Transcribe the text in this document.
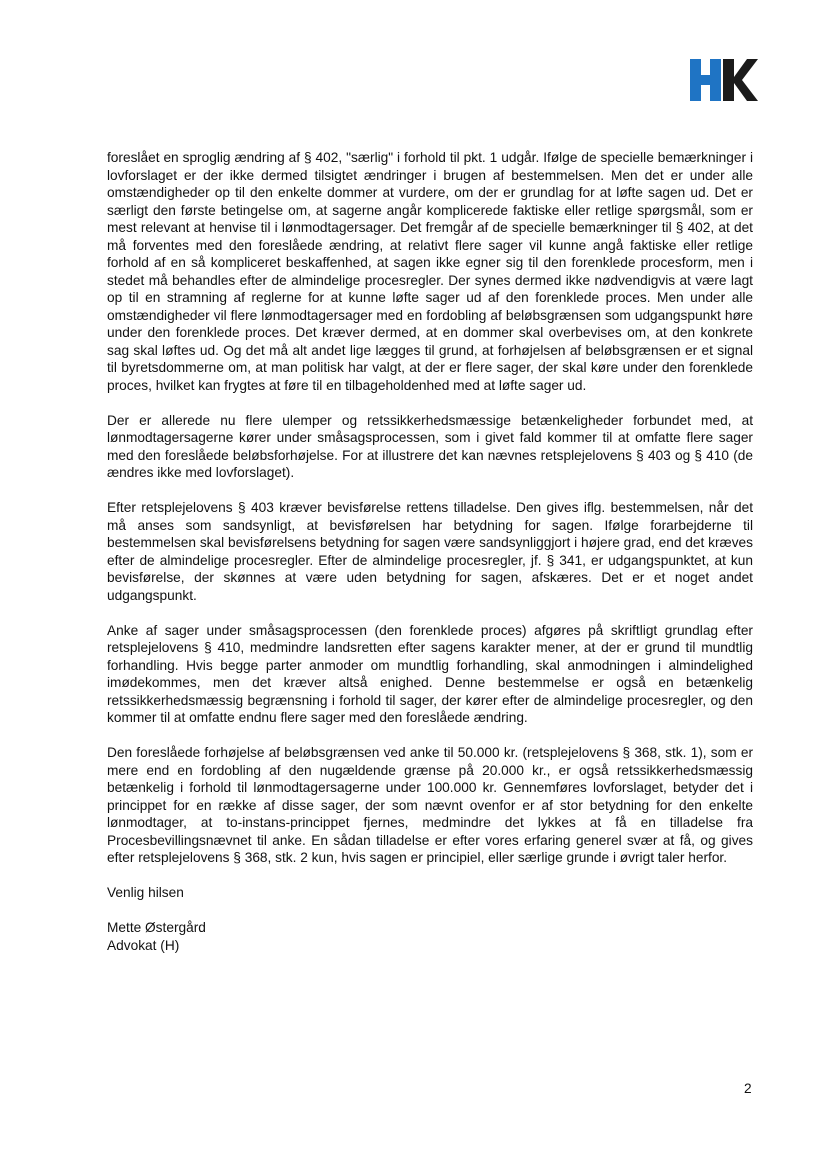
foreslået en sproglig ændring af § 402, "særlig" i forhold til pkt. 1 udgår. Ifølge de specielle bemærkninger i lovforslaget er der ikke dermed tilsigtet ændringer i brugen af bestemmelsen. Men det er under alle omstændigheder op til den enkelte dommer at vurdere, om der er grundlag for at løfte sagen ud. Det er særligt den første betingelse om, at sagerne angår komplicerede faktiske eller retlige spørgsmål, som er mest relevant at henvise til i lønmodtagersager. Det fremgår af de specielle bemærkninger til § 402, at det må forventes med den foreslåede ændring, at relativt flere sager vil kunne angå faktiske eller retlige forhold af en så kompliceret beskaffenhed, at sagen ikke egner sig til den forenklede procesform, men i stedet må behandles efter de almindelige procesregler. Der synes dermed ikke nødvendigvis at være lagt op til en stramning af reglerne for at kunne løfte sager ud af den forenklede proces. Men under alle omstændigheder vil flere lønmodtagersager med en fordobling af beløbsgrænsen som udgangspunkt høre under den forenklede proces. Det kræver dermed, at en dommer skal overbevises om, at den konkrete sag skal løftes ud. Og det må alt andet lige lægges til grund, at forhøjelsen af beløbsgrænsen er et signal til byretsdommerne om, at man politisk har valgt, at der er flere sager, der skal køre under den forenklede proces, hvilket kan frygtes at føre til en tilbageholdenhed med at løfte sager ud.

Der er allerede nu flere ulemper og retssikkerhedsmæssige betænkeligheder forbundet med, at lønmodtagersagerne kører under småsagsprocessen, som i givet fald kommer til at omfatte flere sager med den foreslåede beløbsforhøjelse. For at illustrere det kan nævnes retsplejelovens § 403 og § 410 (de ændres ikke med lovforslaget).

Efter retsplejelovens § 403 kræver bevisførelse rettens tilladelse. Den gives iflg. bestemmelsen, når det må anses som sandsynligt, at bevisførelsen har betydning for sagen. Ifølge forarbejderne til bestemmelsen skal bevisførelsens betydning for sagen være sandsynliggjort i højere grad, end det kræves efter de almindelige procesregler. Efter de almindelige procesregler, jf. § 341, er udgangspunktet, at kun bevisførelse, der skønnes at være uden betydning for sagen, afskæres. Det er et noget andet udgangspunkt.

Anke af sager under småsagsprocessen (den forenklede proces) afgøres på skriftligt grundlag efter retsplejelovens § 410, medmindre landsretten efter sagens karakter mener, at der er grund til mundtlig forhandling. Hvis begge parter anmoder om mundtlig forhandling, skal anmodningen i almindelighed imødekommes, men det kræver altså enighed. Denne bestemmelse er også en betænkelig retssikkerhedsmæssig begrænsning i forhold til sager, der kører efter de almindelige procesregler, og den kommer til at omfatte endnu flere sager med den foreslåede ændring.

Den foreslåede forhøjelse af beløbsgrænsen ved anke til 50.000 kr. (retsplejelovens § 368, stk. 1), som er mere end en fordobling af den nugældende grænse på 20.000 kr., er også retssikkerhedsmæssig betænkelig i forhold til lønmodtagersagerne under 100.000 kr. Gennemføres lovforslaget, betyder det i princippet for en række af disse sager, der som nævnt ovenfor er af stor betydning for den enkelte lønmodtager, at to-instans-princippet fjernes, medmindre det lykkes at få en tilladelse fra Procesbevillingsnævnet til anke. En sådan tilladelse er efter vores erfaring generel svær at få, og gives efter retsplejelovens § 368, stk. 2 kun, hvis sagen er principiel, eller særlige grunde i øvrigt taler herfor.

Venlig hilsen

Mette Østergård
Advokat (H)

2
